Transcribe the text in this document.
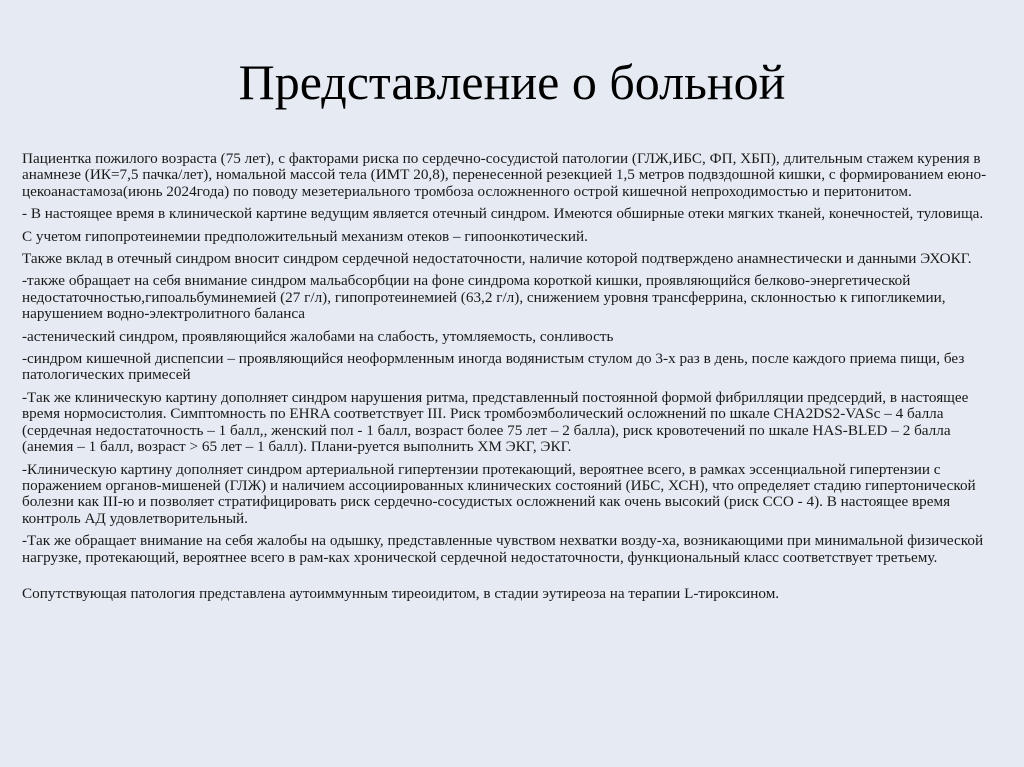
Представление о больной

Пациентка пожилого возраста (75 лет), с факторами риска по сердечно-сосудистой патологии (ГЛЖ,ИБС, ФП, ХБП), длительным стажем курения в анамнезе (ИК=7,5 пачка/лет), номальной массой тела (ИМТ 20,8), перенесенной резекцией 1,5 метров подвздошной кишки, с формированием еюно-цекоанастамоза(июнь 2024года) по поводу мезетериального тромбоза осложненного острой кишечной непроходимостью и перитонитом.

- В настоящее время в клинической картине ведущим является отечный синдром. Имеются обширные отеки мягких тканей, конечностей, туловища.

С учетом гипопротеинемии предположительный механизм отеков – гипоонкотический.

Также вклад в отечный синдром вносит синдром сердечной недостаточности, наличие которой подтверждено анамнестически и данными ЭХОКГ.

-также обращает на себя внимание синдром мальабсорбции на фоне синдрома короткой кишки, проявляющийся белково-энергетической недостаточностью,гипоальбуминемией (27 г/л), гипопротеинемией (63,2 г/л), снижением уровня трансферрина, склонностью к гипогликемии, нарушением водно-электролитного баланса

-астенический синдром, проявляющийся жалобами на слабость, утомляемость, сонливость

-синдром кишечной диспепсии – проявляющийся неоформленным иногда водянистым стулом до 3-х раз в день, после каждого приема пищи, без патологических примесей

-Так же клиническую картину дополняет синдром нарушения ритма, представленный постоянной формой фибрилляции предсердий, в настоящее время нормосистолия. Симптомность по EHRA соответствует III. Риск тромбоэмболический осложнений по шкале CHA2DS2-VASc – 4 балла (сердечная недостаточность – 1 балл,, женский пол - 1 балл, возраст более 75 лет – 2 балла), риск кровотечений по шкале HAS-BLED – 2 балла (анемия – 1 балл, возраст > 65 лет – 1 балл). Плани-руется выполнить ХМ ЭКГ, ЭКГ.

-Клиническую картину дополняет синдром артериальной гипертензии протекающий, вероятнее всего, в рамках эссенциальной гипертензии с поражением органов-мишеней (ГЛЖ) и наличием ассоциированных клинических состояний (ИБС, ХСН), что определяет стадию гипертонической болезни как III-ю и позволяет стратифицировать риск сердечно-сосудистых осложнений как очень высокий (риск ССО - 4). В настоящее время контроль АД удовлетворительный.

-Так же обращает внимание на себя жалобы на одышку, представленные чувством нехватки возду-ха, возникающими при минимальной физической нагрузке, протекающий, вероятнее всего в рам-ках хронической сердечной недостаточности, функциональный класс соответствует третьему.

Сопутствующая патология представлена аутоиммунным тиреоидитом, в стадии эутиреоза на терапии L-тироксином.
